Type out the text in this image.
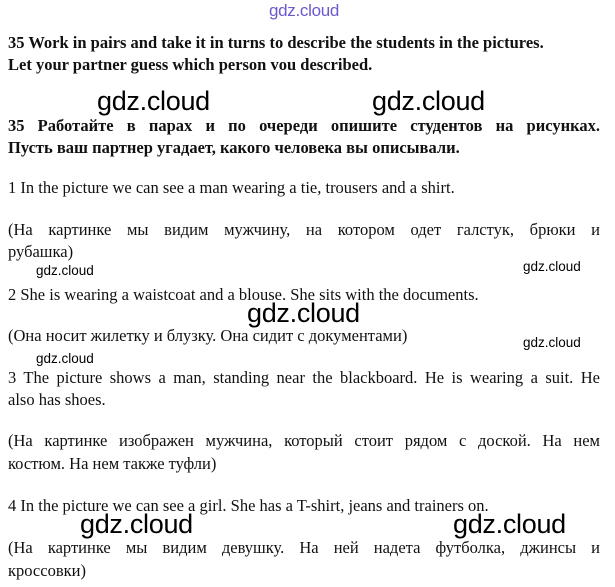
gdz.cloud
35 Work in pairs and take it in turns to describe the students in the pictures.
Let your partner guess which person vou described.
gdz.cloud	gdz.cloud
35 Работайте в парах и по очереди опишите студентов на рисунках.
Пусть ваш партнер угадает, какого человека вы описывали.
1 In the picture we can see a man wearing a tie, trousers and a shirt.
(На картинке мы видим мужчину, на котором одет галстук, брюки и
рубашка)
gdz.cloud	gdz.cloud
2 She is wearing a waistcoat and a blouse. She sits with the documents.
gdz.cloud
(Она носит жилетку и блузку. Она сидит с документами)	gdz.cloud
gdz.cloud
3 The picture shows a man, standing near the blackboard. He is wearing a suit. He
also has shoes.
(На картинке изображен мужчина, который стоит рядом с доской. На нем
костюм. На нем также туфли)
4 In the picture we can see a girl. She has a T-shirt, jeans and trainers on.
gdz.cloud	gdz.cloud
(На картинке мы видим девушку. На ней надета футболка, джинсы и
кроссовки)
